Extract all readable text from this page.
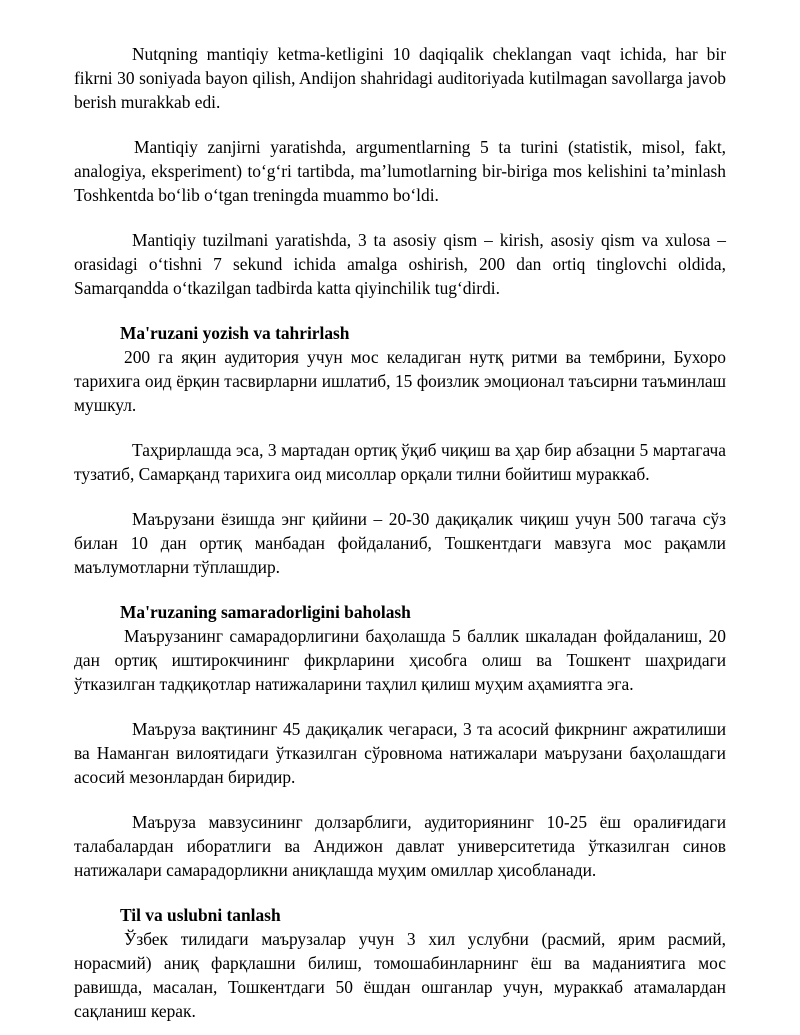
Nutqning mantiqiy ketma-ketligini 10 daqiqalik cheklangan vaqt ichida, har bir fikrni 30 soniyada bayon qilish, Andijon shahridagi auditoriyada kutilmagan savollarga javob berish murakkab edi.

Mantiqiy zanjirni yaratishda, argumentlarning 5 ta turini (statistik, misol, fakt, analogiya, eksperiment) to‘g‘ri tartibda, ma’lumotlarning bir-biriga mos kelishini ta’minlash Toshkentda bo‘lib o‘tgan treningda muammo bo‘ldi.

Mantiqiy tuzilmani yaratishda, 3 ta asosiy qism – kirish, asosiy qism va xulosa – orasidagi o‘tishni 7 sekund ichida amalga oshirish, 200 dan ortiq tinglovchi oldida, Samarqandda o‘tkazilgan tadbirda katta qiyinchilik tug‘dirdi.

Ma'ruzani yozish va tahrirlash

200 га яқин аудитория учун мос келадиган нутқ ритми ва тембрини, Бухоро тарихига оид ёрқин тасвирларни ишлатиб, 15 фоизлик эмоционал таъсирни таъминлаш мушкул.

Таҳрирлашда эса, 3 мартадан ортиқ ўқиб чиқиш ва ҳар бир абзацни 5 мартагача тузатиб, Самарқанд тарихига оид мисоллар орқали тилни бойитиш мураккаб.

Маърузани ёзишда энг қийини – 20-30 дақиқалик чиқиш учун 500 тагача сўз билан 10 дан ортиқ манбадан фойдаланиб, Тошкентдаги мавзуга мос рақамли маълумотларни тўплашдир.

Ma'ruzaning samaradorligini baholash

Маърузанинг самарадорлигини баҳолашда 5 баллик шкаладан фойдаланиш, 20 дан ортиқ иштирокчининг фикрларини ҳисобга олиш ва Тошкент шаҳридаги ўтказилган тадқиқотлар натижаларини таҳлил қилиш муҳим аҳамиятга эга.

Маъруза вақтининг 45 дақиқалик чегараси, 3 та асосий фикрнинг ажратилиши ва Наманган вилоятидаги ўтказилган сўровнома натижалари маърузани баҳолашдаги асосий мезонлардан биридир.

Маъруза мавзусининг долзарблиги, аудиториянинг 10-25 ёш оралиғидаги талабалардан иборатлиги ва Андижон давлат университетида ўтказилган синов натижалари самарадорликни аниқлашда муҳим омиллар ҳисобланади.

Til va uslubni tanlash

Ўзбек тилидаги маърузалар учун 3 хил услубни (расмий, ярим расмий, норасмий) аниқ фарқлашни билиш, томошабинларнинг ёш ва маданиятига мос равишда, масалан, Тошкентдаги 50 ёшдан ошганлар учун, мураккаб атамалардан сақланиш керак.
